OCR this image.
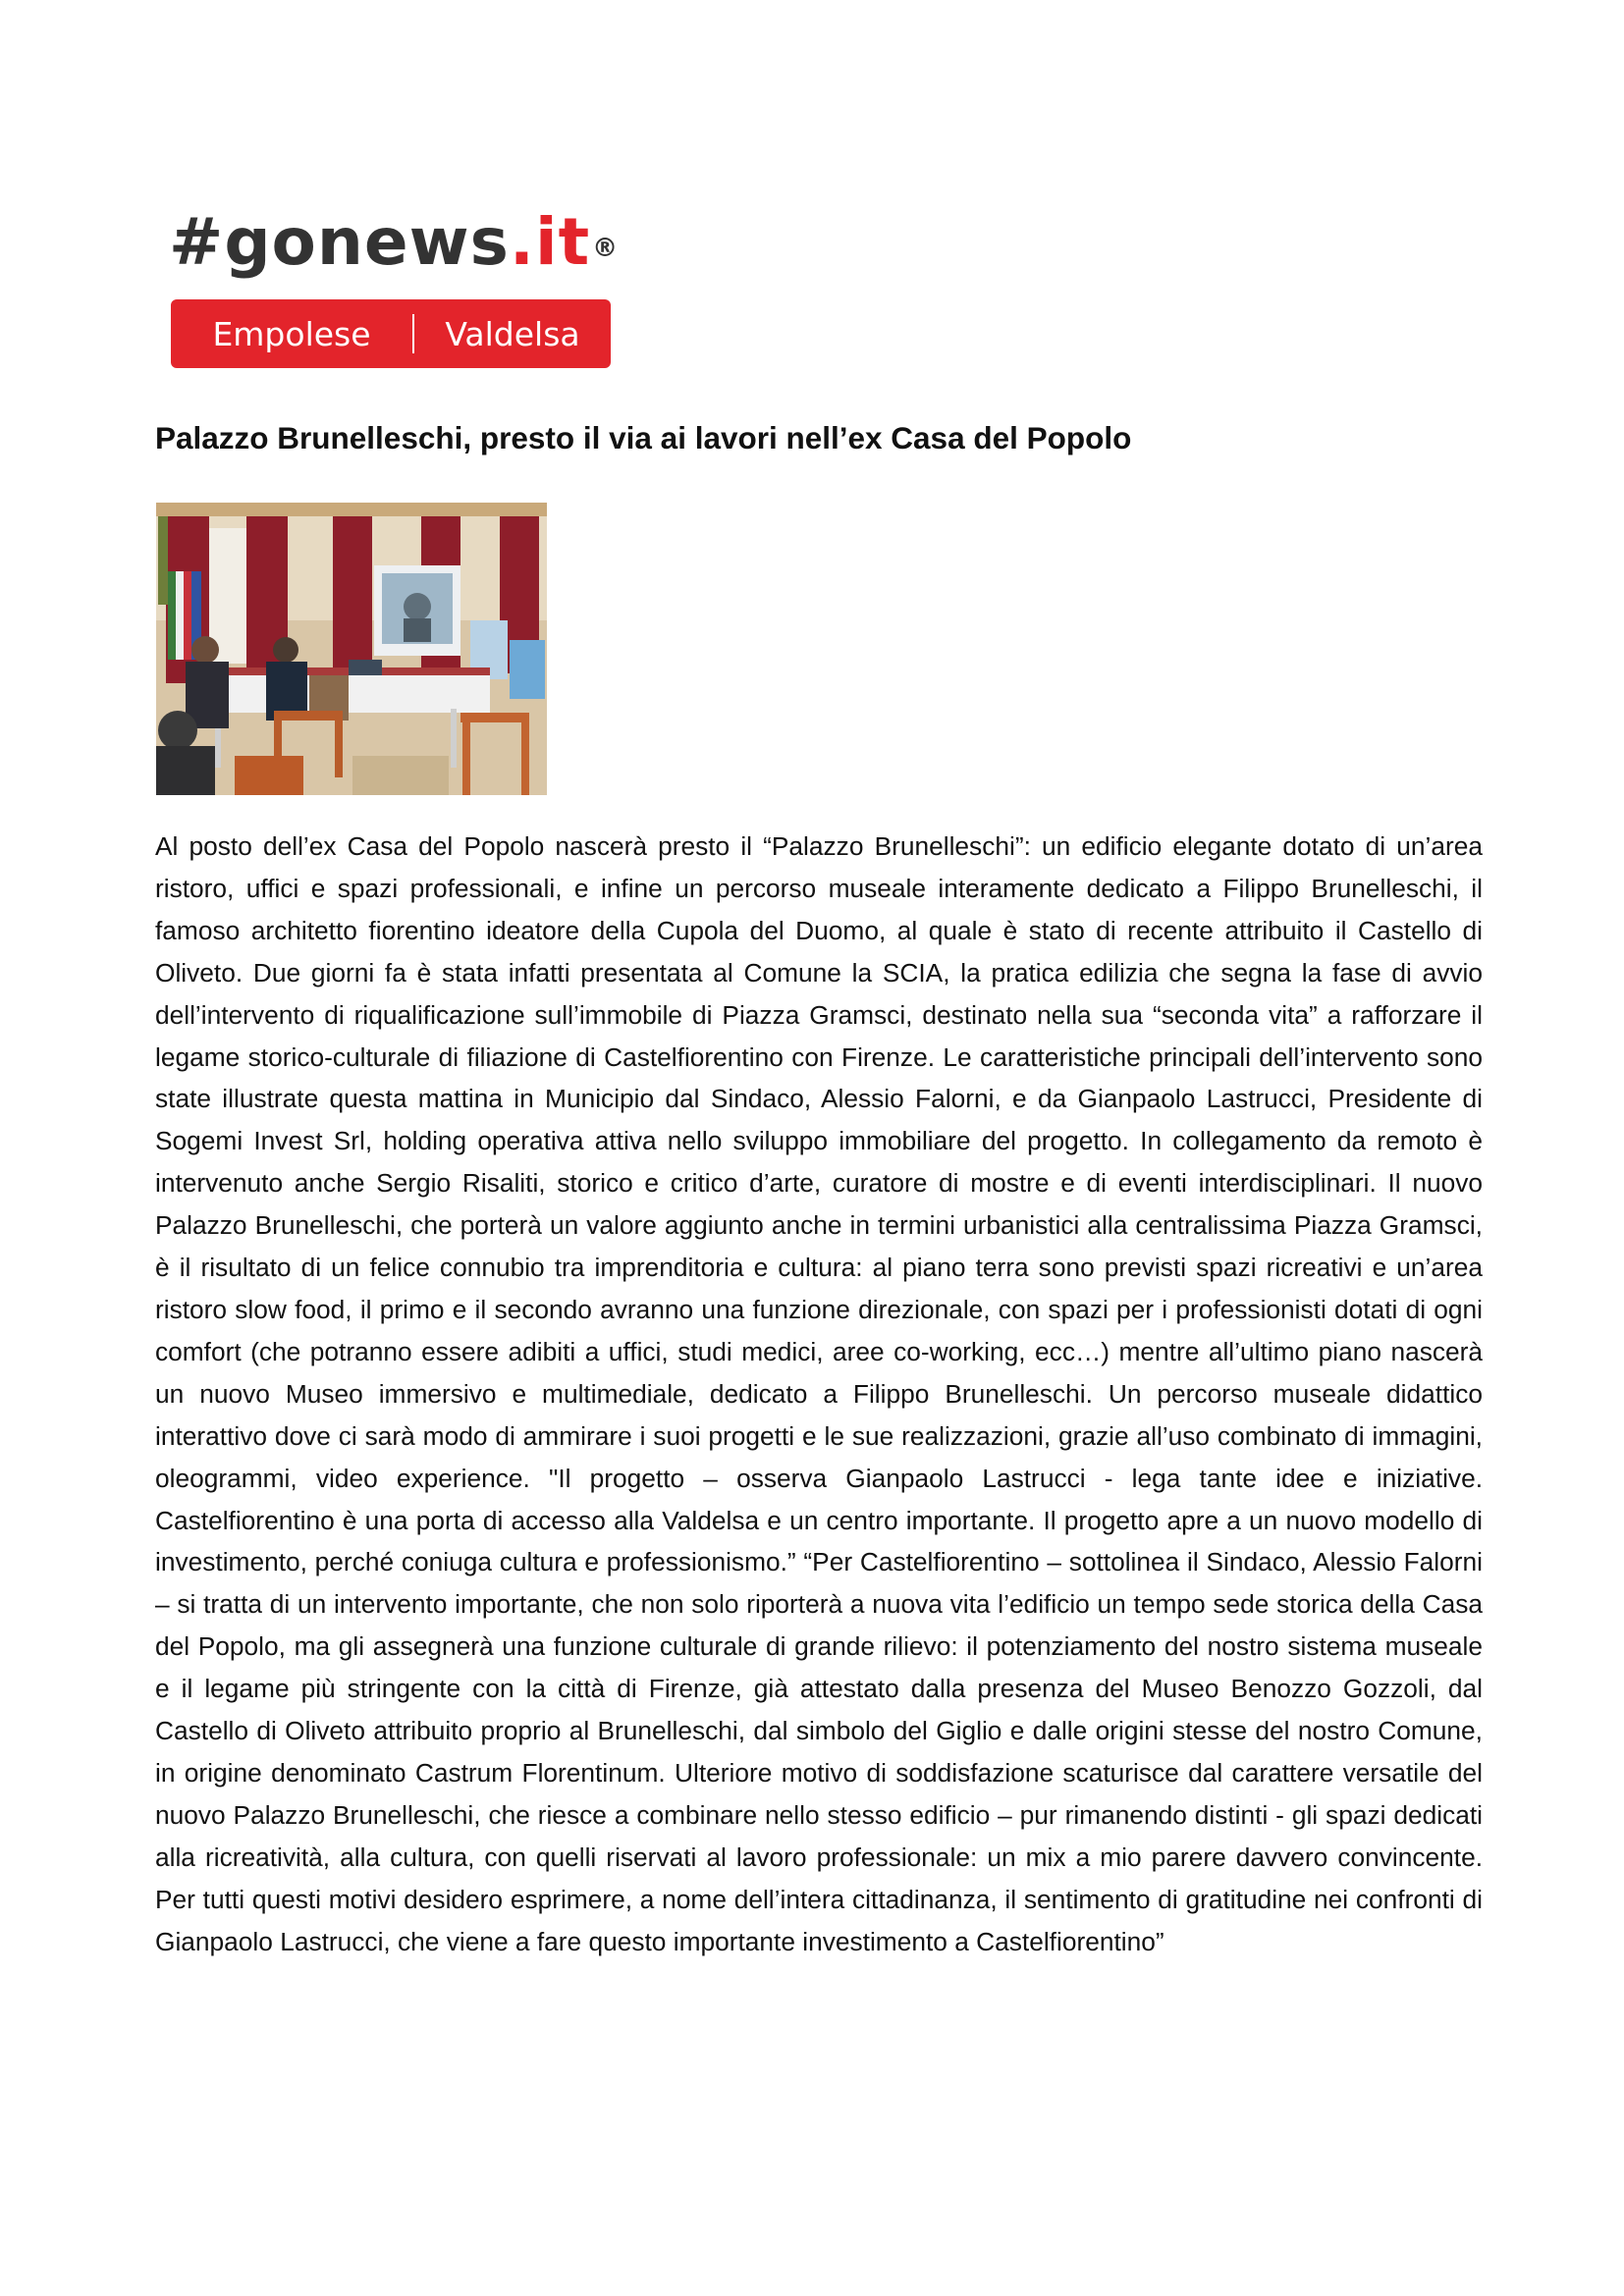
#gonews.it®
Empolese	Valdelsa
Palazzo Brunelleschi, presto il via ai lavori nell’ex Casa del Popolo

Al posto dell’ex Casa del Popolo nascerà presto il “Palazzo Brunelleschi”: un edificio elegante dotato di un’area ristoro, uffici e spazi professionali, e infine un percorso museale interamente dedicato a Filippo Brunelleschi, il famoso architetto fiorentino ideatore della Cupola del Duomo, al quale è stato di recente attribuito il Castello di Oliveto. Due giorni fa è stata infatti presentata al Comune la SCIA, la pratica edilizia che segna la fase di avvio dell’intervento di riqualificazione sull’immobile di Piazza Gramsci, destinato nella sua “seconda vita” a rafforzare il legame storico-culturale di filiazione di Castelfiorentino con Firenze. Le caratteristiche principali dell’intervento sono state illustrate questa mattina in Municipio dal Sindaco, Alessio Falorni, e da Gianpaolo Lastrucci, Presidente di Sogemi Invest Srl, holding operativa attiva nello sviluppo immobiliare del progetto. In collegamento da remoto è intervenuto anche Sergio Risaliti, storico e critico d’arte, curatore di mostre e di eventi interdisciplinari. Il nuovo Palazzo Brunelleschi, che porterà un valore aggiunto anche in termini urbanistici alla centralissima Piazza Gramsci, è il risultato di un felice connubio tra imprenditoria e cultura: al piano terra sono previsti spazi ricreativi e un’area ristoro slow food, il primo e il secondo avranno una funzione direzionale, con spazi per i professionisti dotati di ogni comfort (che potranno essere adibiti a uffici, studi medici, aree co-working, ecc…) mentre all’ultimo piano nascerà un nuovo Museo immersivo e multimediale, dedicato a Filippo Brunelleschi. Un percorso museale didattico interattivo dove ci sarà modo di ammirare i suoi progetti e le sue realizzazioni, grazie all’uso combinato di immagini, oleogrammi, video experience. "Il progetto – osserva Gianpaolo Lastrucci - lega tante idee e iniziative. Castelfiorentino è una porta di accesso alla Valdelsa e un centro importante. Il progetto apre a un nuovo modello di investimento, perché coniuga cultura e professionismo.” “Per Castelfiorentino – sottolinea il Sindaco, Alessio Falorni – si tratta di un intervento importante, che non solo riporterà a nuova vita l’edificio un tempo sede storica della Casa del Popolo, ma gli assegnerà una funzione culturale di grande rilievo: il potenziamento del nostro sistema museale e il legame più stringente con la città di Firenze, già attestato dalla presenza del Museo Benozzo Gozzoli, dal Castello di Oliveto attribuito proprio al Brunelleschi, dal simbolo del Giglio e dalle origini stesse del nostro Comune, in origine denominato Castrum Florentinum. Ulteriore motivo di soddisfazione scaturisce dal carattere versatile del nuovo Palazzo Brunelleschi, che riesce a combinare nello stesso edificio – pur rimanendo distinti - gli spazi dedicati alla ricreatività, alla cultura, con quelli riservati al lavoro professionale: un mix a mio parere davvero convincente. Per tutti questi motivi desidero esprimere, a nome dell’intera cittadinanza, il sentimento di gratitudine nei confronti di Gianpaolo Lastrucci, che viene a fare questo importante investimento a Castelfiorentino”
